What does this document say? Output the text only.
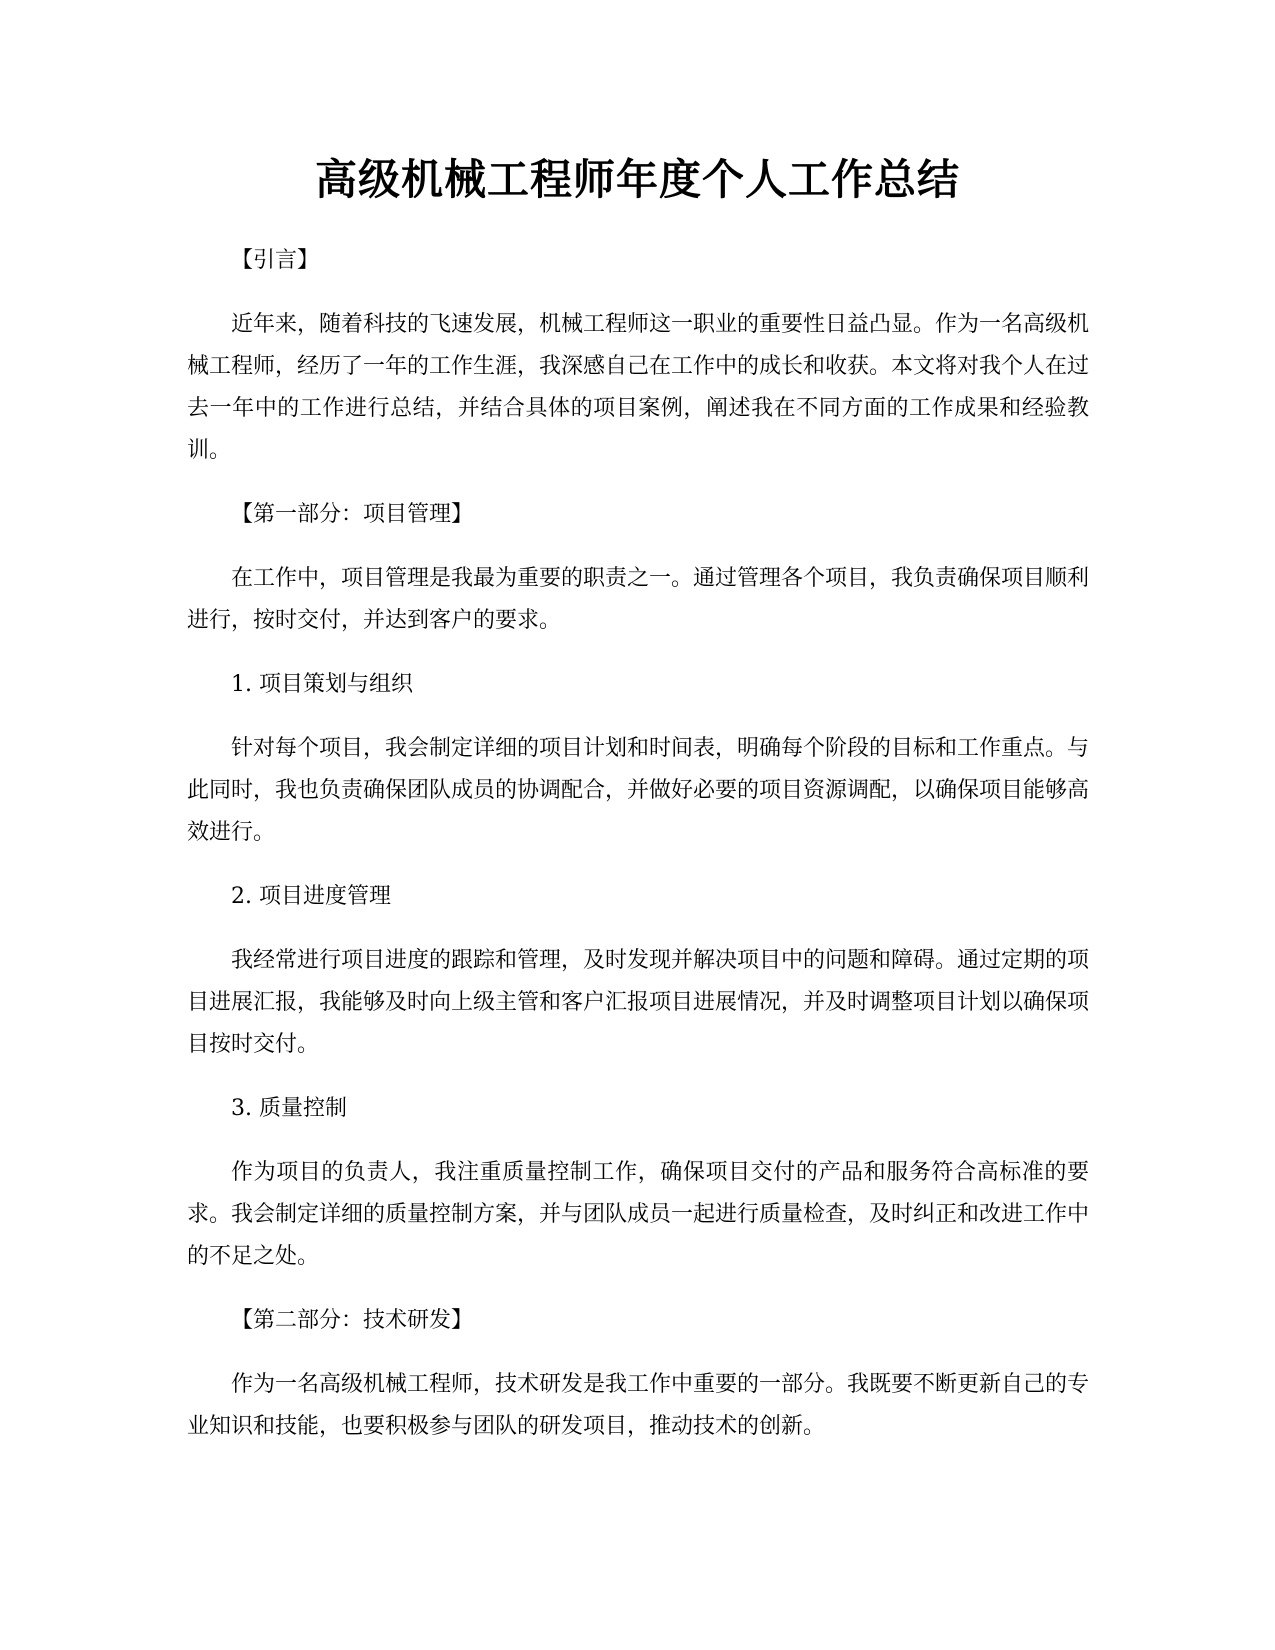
高级机械工程师年度个人工作总结

【引言】

近年来，随着科技的飞速发展，机械工程师这一职业的重要性日益凸显。作为一名高级机械工程师，经历了一年的工作生涯，我深感自己在工作中的成长和收获。本文将对我个人在过去一年中的工作进行总结，并结合具体的项目案例，阐述我在不同方面的工作成果和经验教训。

【第一部分：项目管理】

在工作中，项目管理是我最为重要的职责之一。通过管理各个项目，我负责确保项目顺利进行，按时交付，并达到客户的要求。

1. 项目策划与组织

针对每个项目，我会制定详细的项目计划和时间表，明确每个阶段的目标和工作重点。与此同时，我也负责确保团队成员的协调配合，并做好必要的项目资源调配，以确保项目能够高效进行。

2. 项目进度管理

我经常进行项目进度的跟踪和管理，及时发现并解决项目中的问题和障碍。通过定期的项目进展汇报，我能够及时向上级主管和客户汇报项目进展情况，并及时调整项目计划以确保项目按时交付。

3. 质量控制

作为项目的负责人，我注重质量控制工作，确保项目交付的产品和服务符合高标准的要求。我会制定详细的质量控制方案，并与团队成员一起进行质量检查，及时纠正和改进工作中的不足之处。

【第二部分：技术研发】

作为一名高级机械工程师，技术研发是我工作中重要的一部分。我既要不断更新自己的专业知识和技能，也要积极参与团队的研发项目，推动技术的创新。
